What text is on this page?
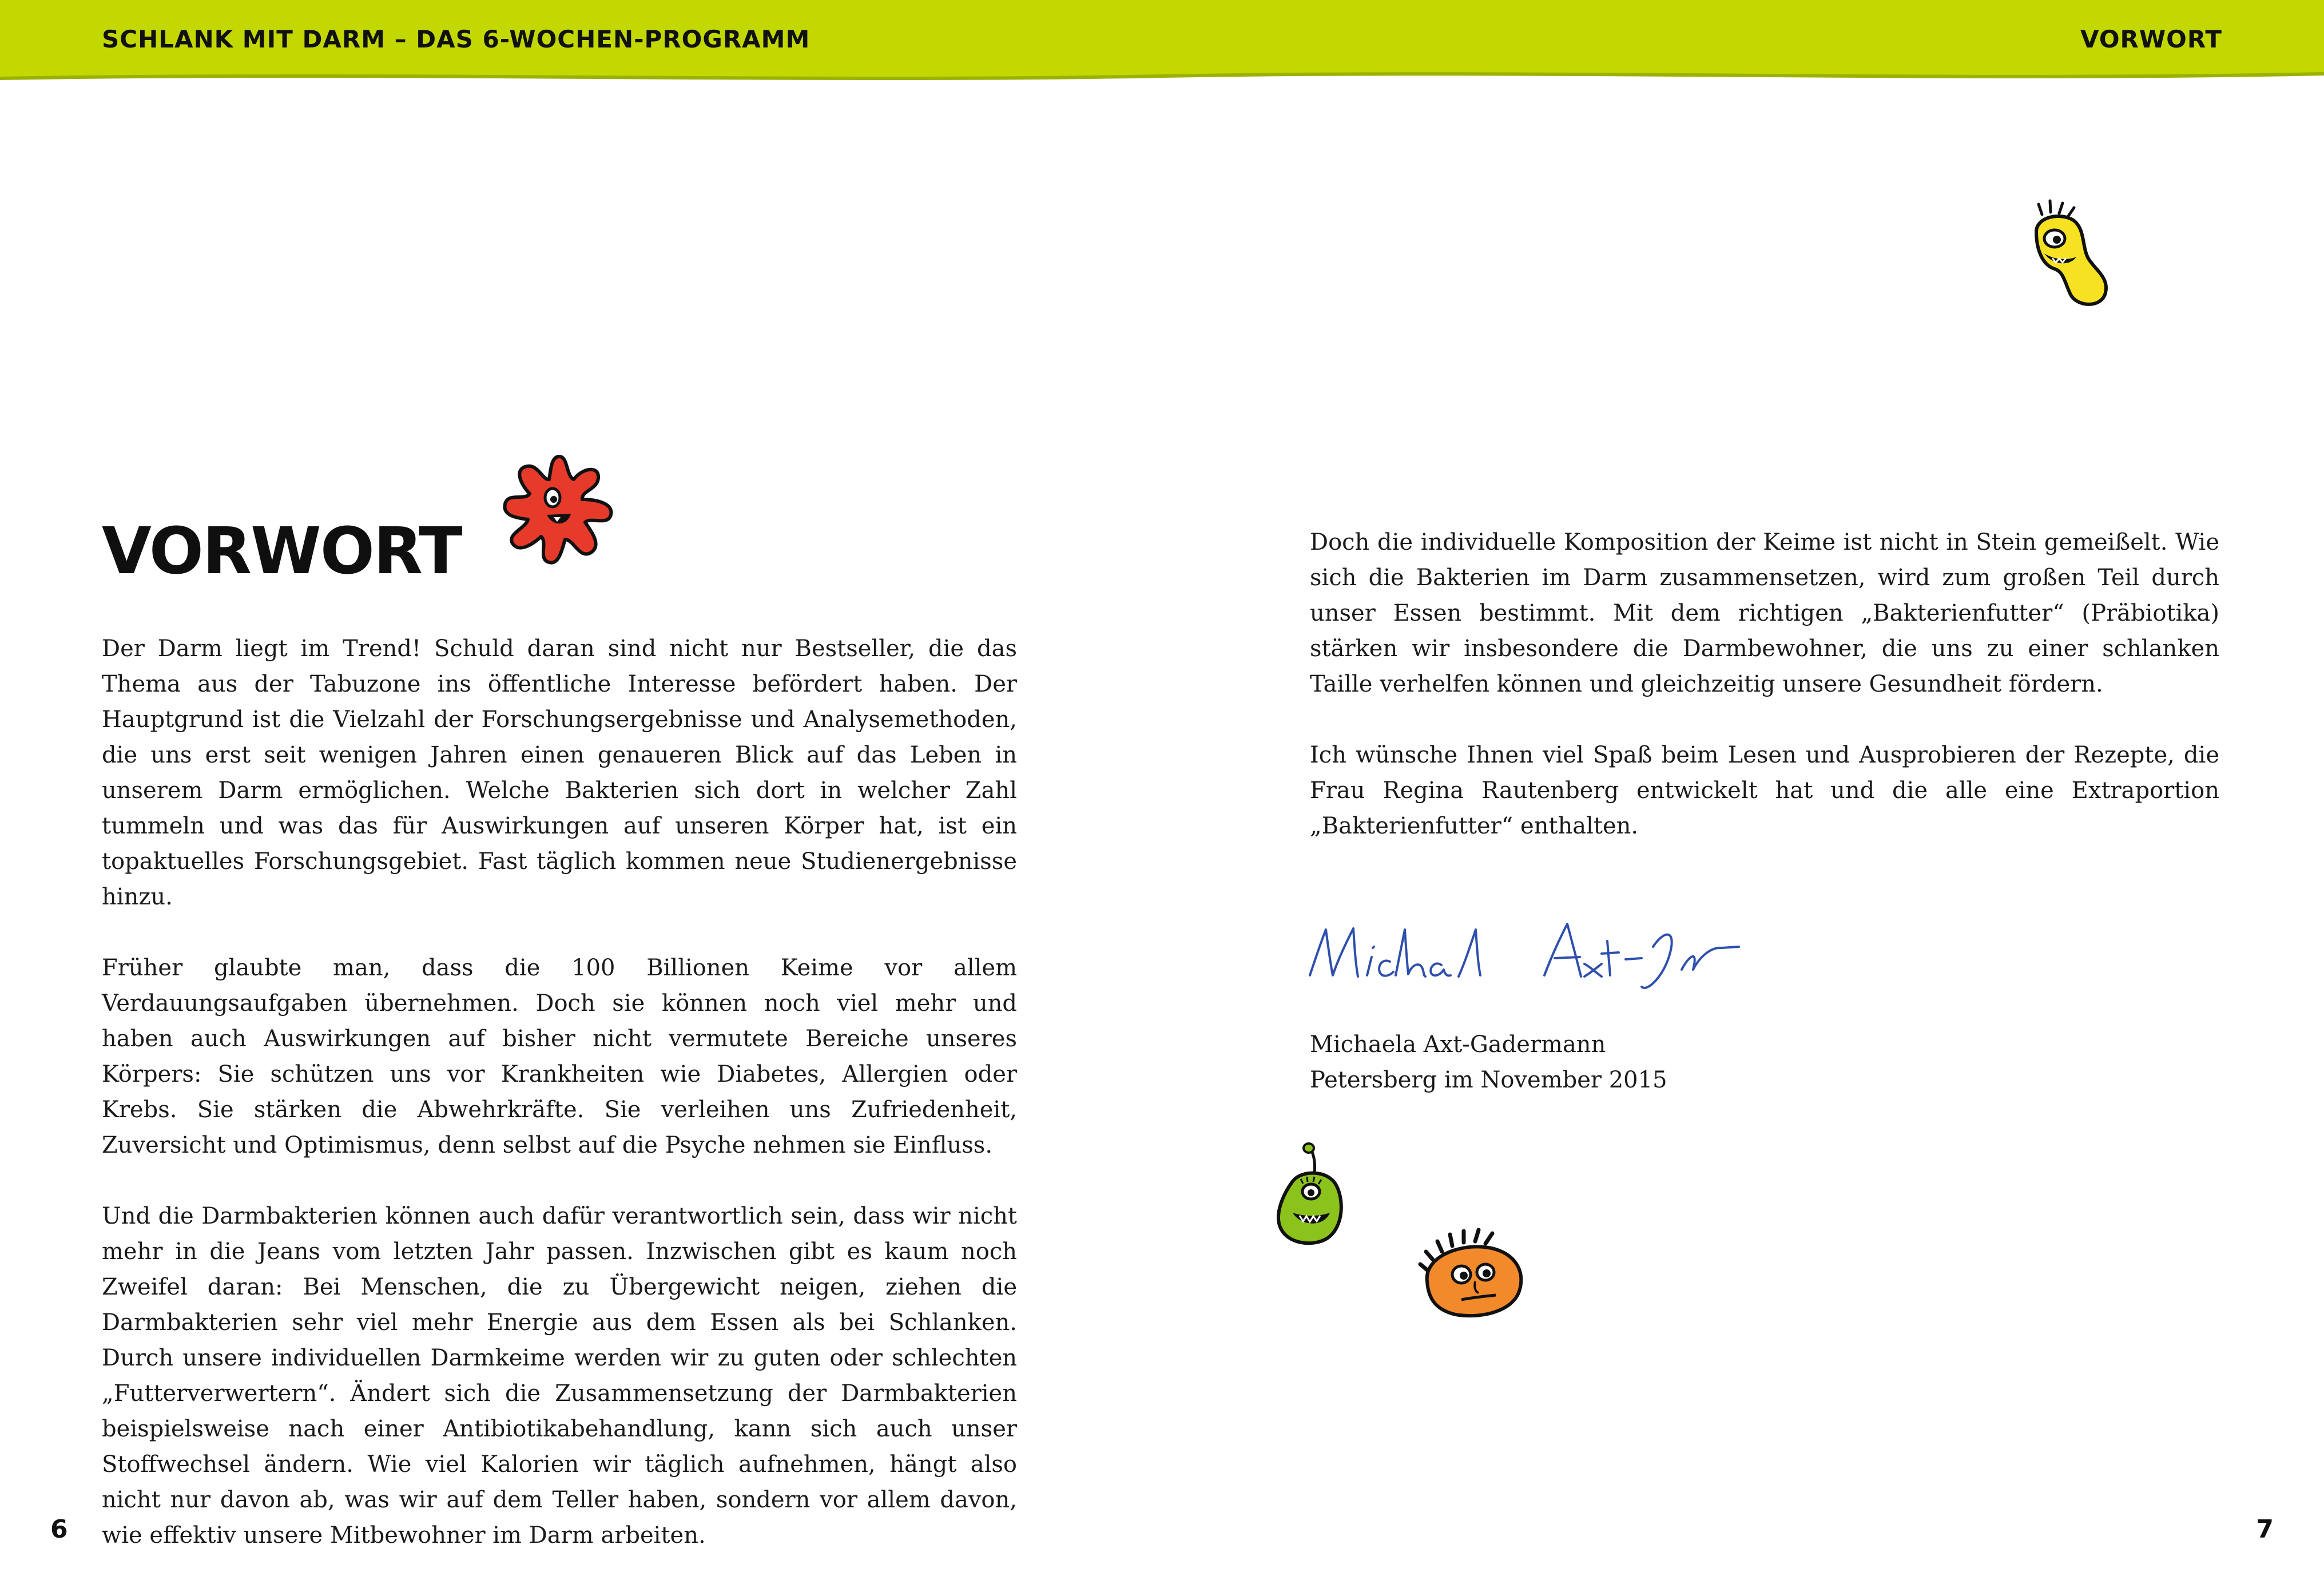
SCHLANK MIT DARM – DAS 6-WOCHEN-PROGRAMM	VORWORT
VORWORT

Der Darm liegt im Trend! Schuld daran sind nicht nur Bestseller, die das Thema aus der Tabuzone ins öffentliche Interesse befördert haben. Der Hauptgrund ist die Vielzahl der Forschungsergebnisse und Analysemethoden, die uns erst seit wenigen Jahren einen genaueren Blick auf das Leben in unserem Darm ermöglichen. Welche Bakterien sich dort in welcher Zahl tummeln und was das für Auswirkungen auf unseren Körper hat, ist ein topaktuelles Forschungsgebiet. Fast täglich kommen neue Studienergebnisse hinzu.

Früher glaubte man, dass die 100 Billionen Keime vor allem Verdauungsaufgaben übernehmen. Doch sie können noch viel mehr und haben auch Auswirkungen auf bisher nicht vermutete Bereiche unseres Körpers: Sie schützen uns vor Krankheiten wie Diabetes, Allergien oder Krebs. Sie stärken die Abwehrkräfte. Sie verleihen uns Zufriedenheit, Zuversicht und Optimismus, denn selbst auf die Psyche nehmen sie Einfluss.

Und die Darmbakterien können auch dafür verantwortlich sein, dass wir nicht mehr in die Jeans vom letzten Jahr passen. Inzwischen gibt es kaum noch Zweifel daran: Bei Menschen, die zu Übergewicht neigen, ziehen die Darmbakterien sehr viel mehr Energie aus dem Essen als bei Schlanken. Durch unsere individuellen Darmkeime werden wir zu guten oder schlechten „Futterverwertern“. Ändert sich die Zusammensetzung der Darmbakterien beispielsweise nach einer Antibiotikabehandlung, kann sich auch unser Stoffwechsel ändern. Wie viel Kalorien wir täglich aufnehmen, hängt also nicht nur davon ab, was wir auf dem Teller haben, sondern vor allem davon, wie effektiv unsere Mitbewohner im Darm arbeiten.

6

Doch die individuelle Komposition der Keime ist nicht in Stein gemeißelt. Wie sich die Bakterien im Darm zusammensetzen, wird zum großen Teil durch unser Essen bestimmt. Mit dem richtigen „Bakterienfutter“ (Präbiotika) stärken wir insbesondere die Darmbewohner, die uns zu einer schlanken Taille verhelfen können und gleichzeitig unsere Gesundheit fördern.

Ich wünsche Ihnen viel Spaß beim Lesen und Ausprobieren der Rezepte, die Frau Regina Rautenberg entwickelt hat und die alle eine Extraportion „Bakterienfutter“ enthalten.

Michaela Axt-Gadermann
Petersberg im November 2015
7
